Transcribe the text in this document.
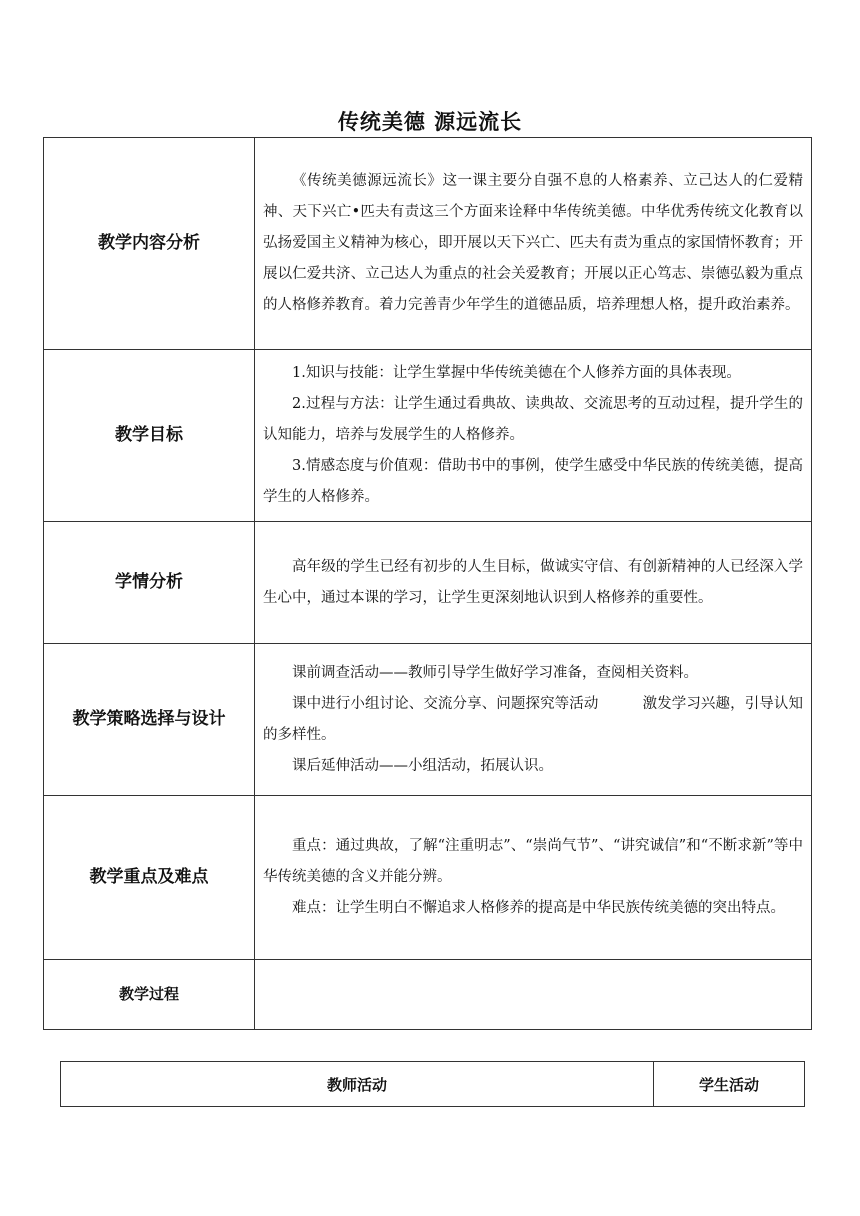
传统美德 源远流长
教学内容分析	《传统美德源远流长》这一课主要分自强不息的人格素养、立己达人的仁爱精神、天下兴亡•匹夫有责这三个方面来诠释中华传统美德。中华优秀传统文化教育以弘扬爱国主义精神为核心，即开展以天下兴亡、匹夫有责为重点的家国情怀教育；开展以仁爱共济、立己达人为重点的社会关爱教育；开展以正心笃志、崇德弘毅为重点的人格修养教育。着力完善青少年学生的道德品质，培养理想人格，提升政治素养。

教学目标	1.知识与技能：让学生掌握中华传统美德在个人修养方面的具体表现。

2.过程与方法：让学生通过看典故、读典故、交流思考的互动过程，提升学生的认知能力，培养与发展学生的人格修养。

3.情感态度与价值观：借助书中的事例，使学生感受中华民族的传统美德，提高学生的人格修养。

学情分析	高年级的学生已经有初步的人生目标，做诚实守信、有创新精神的人已经深入学生心中，通过本课的学习，让学生更深刻地认识到人格修养的重要性。

教学策略选择与设计	课前调查活动——教师引导学生做好学习准备，查阅相关资料。

课中进行小组讨论、交流分享、问题探究等活动 激发学习兴趣，引导认知的多样性。

课后延伸活动——小组活动，拓展认识。

教学重点及难点	重点：通过典故，了解“注重明志”、“崇尚气节”、“讲究诚信”和“不断求新”等中华传统美德的含义并能分辨。

难点：让学生明白不懈追求人格修养的提高是中华民族传统美德的突出特点。

教学过程	
教师活动	学生活动
